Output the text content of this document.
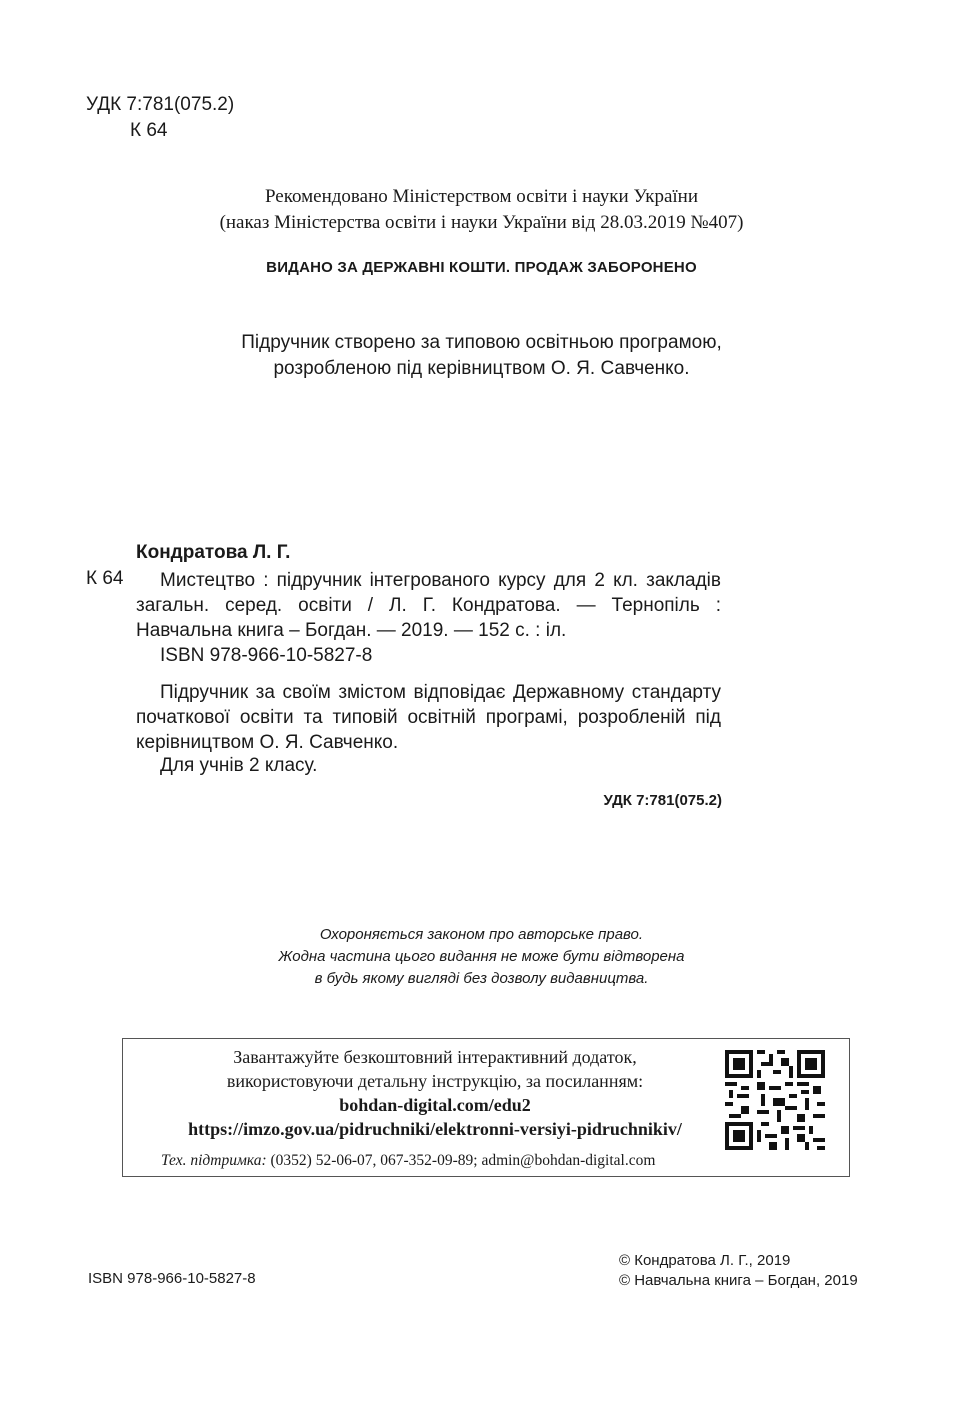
УДК 7:781(075.2)
К 64
Рекомендовано Міністерством освіти і науки України
(наказ Міністерства освіти і науки України від 28.03.2019 №407)
ВИДАНО ЗА ДЕРЖАВНІ КОШТИ. ПРОДАЖ ЗАБОРОНЕНО
Підручник створено за типовою освітньою програмою,
розробленою під керівництвом О. Я. Савченко.
Кондратова Л. Г.
К 64	Мистецтво : підручник інтегрованого курсу для 2 кл. закладів загальн. серед. освіти / Л. Г. Кондратова. — Тернопіль : Навчальна книга – Богдан. — 2019. — 152 с. : іл.
ISBN 978-966-10-5827-8
Підручник за своїм змістом відповідає Державному стандарту початкової освіти та типовій освітній програмі, розробленій під керівництвом О. Я. Савченко.
Для учнів 2 класу.
УДК 7:781(075.2)
Охороняється законом про авторське право.
Жодна частина цього видання не може бути відтворена
в будь якому вигляді без дозволу видавництва.
Завантажуйте безкоштовний інтерактивний додаток,
використовуючи детальну інструкцію, за посиланням:
bohdan-digital.com/edu2
https://imzo.gov.ua/pidruchniki/elektronni-versiyi-pidruchnikiv/
Тех. підтримка: (0352) 52-06-07, 067-352-09-89; admin@bohdan-digital.com
ISBN 978-966-10-5827-8
© Кондратова Л. Г., 2019
© Навчальна книга – Богдан, 2019
